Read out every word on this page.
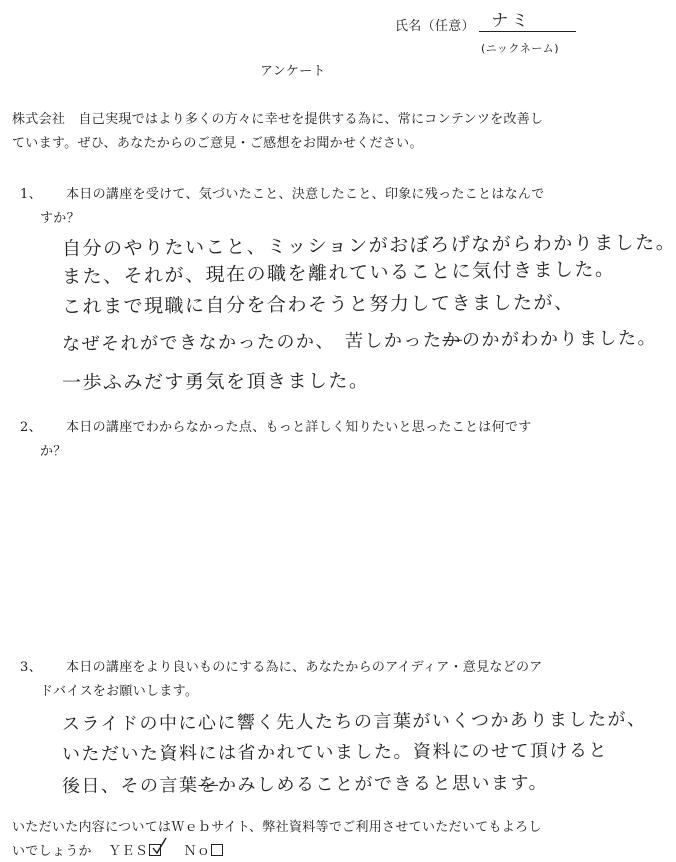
氏名（任意） ナミ
(ニックネーム)
アンケート
株式会社　自己実現ではより多くの方々に幸せを提供する為に、常にコンテンツを改善し
ています。ぜひ、あなたからのご意見・ご感想をお聞かせください。
1、 本日の講座を受けて、気づいたこと、決意したこと、印象に残ったことはなんで
すか？
自分のやりたいこと、ミッションがおぼろげながらわかりました。
また、それが、現在の職を離れていることに気付きました。
これまで現職に自分を合わそうと努力してきましたが、
なぜそれができなかったのか、 苦しかったかのかがわかりました。
一歩ふみだす勇気を頂きました。
2、 本日の講座でわからなかった点、もっと詳しく知りたいと思ったことは何です
か？
3、 本日の講座をより良いものにする為に、あなたからのアイディア・意見などのア
ドバイスをお願いします。
スライドの中に心に響く先人たちの言葉がいくつかありましたが、
いただいた資料には省かれていました。資料にのせて頂けると
後日、その言葉をかみしめることができると思います。
いただいた内容についてはＷｅｂサイト、弊社資料等でご利用させていただいてもよろし
いでしょうか ＹＥＳ	Ｎｏ
